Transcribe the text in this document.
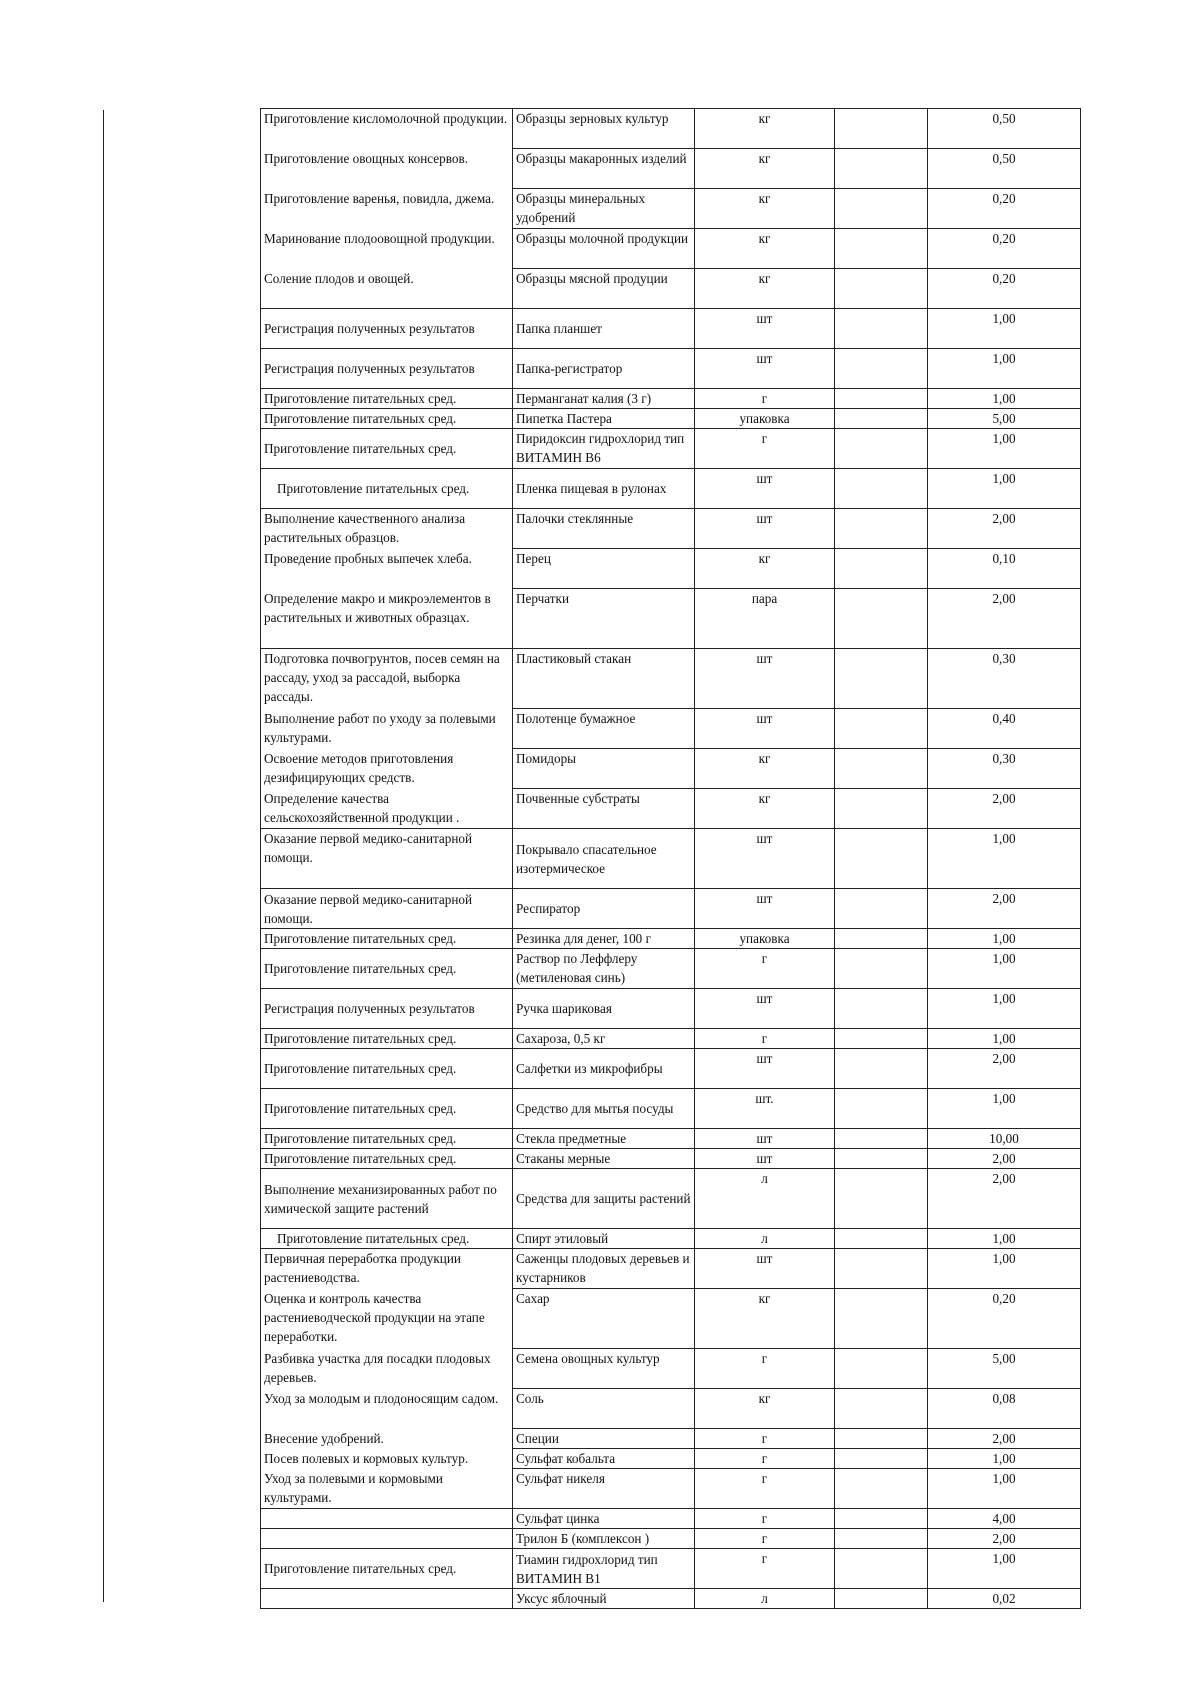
Приготовление кисломолочной продукции.	Образцы зерновых культур	кг		0,50
Приготовление овощных консервов.	Образцы макаронных изделий	кг		0,50
Приготовление варенья, повидла, джема.	Образцы минеральных удобрений	кг		0,20
Маринование плодоовощной продукции.	Образцы молочной продукции	кг		0,20
Соление плодов и овощей.	Образцы мясной продуции	кг		0,20
Регистрация полученных результатов	Папка планшет	шт		1,00
Регистрация полученных результатов	Папка-регистратор	шт		1,00
Приготовление питательных сред.	Перманганат калия (3 г)	г		1,00
Приготовление питательных сред.	Пипетка Пастера	упаковка		5,00
Приготовление питательных сред.	Пиридоксин гидрохлорид тип ВИТАМИН В6	г		1,00
Приготовление питательных сред.	Пленка пищевая в рулонах	шт		1,00
Выполнение качественного анализа растительных образцов.	Палочки стеклянные	шт		2,00
Проведение пробных выпечек хлеба.	Перец	кг		0,10
Определение макро и микроэлементов в растительных и животных образцах.	Перчатки	пара		2,00
Подготовка почвогрунтов, посев семян на рассаду, уход за рассадой, выборка рассады.	Пластиковый стакан	шт		0,30
Выполнение работ по уходу за полевыми культурами.	Полотенце бумажное	шт		0,40
Освоение методов приготовления дезифицирующих средств.	Помидоры	кг		0,30
Определение качества сельскохозяйственной продукции .	Почвенные субстраты	кг		2,00
Оказание первой медико-санитарной помощи.	Покрывало спасательное изотермическое	шт		1,00
Оказание первой медико-санитарной помощи.	Респиратор	шт		2,00
Приготовление питательных сред.	Резинка для денег, 100 г	упаковка		1,00
Приготовление питательных сред.	Раствор по Леффлеру (метиленовая синь)	г		1,00
Регистрация полученных результатов	Ручка шариковая	шт		1,00
Приготовление питательных сред.	Сахароза, 0,5 кг	г		1,00
Приготовление питательных сред.	Салфетки из микрофибры	шт		2,00
Приготовление питательных сред.	Средство для мытья посуды	шт.		1,00
Приготовление питательных сред.	Стекла предметные	шт		10,00
Приготовление питательных сред.	Стаканы мерные	шт		2,00
Выполнение механизированных работ по химической защите растений	Средства для защиты растений	л		2,00
Приготовление питательных сред.	Спирт этиловый	л		1,00
Первичная переработка продукции растениеводства.	Саженцы плодовых деревьев и кустарников	шт		1,00
Оценка и контроль качества растениеводческой продукции на этапе переработки.	Сахар	кг		0,20
Разбивка участка для посадки плодовых деревьев.	Семена овощных культур	г		5,00
Уход за молодым и плодоносящим садом.	Соль	кг		0,08
Внесение удобрений.	Специи	г		2,00
Посев полевых и кормовых культур.	Сульфат кобальта	г		1,00
Уход за полевыми и кормовыми культурами.	Сульфат никеля	г		1,00
	Сульфат цинка	г		4,00
	Трилон Б (комплексон )	г		2,00
Приготовление питательных сред.	Тиамин гидрохлорид тип ВИТАМИН В1	г		1,00
	Уксус яблочный	л		0,02
